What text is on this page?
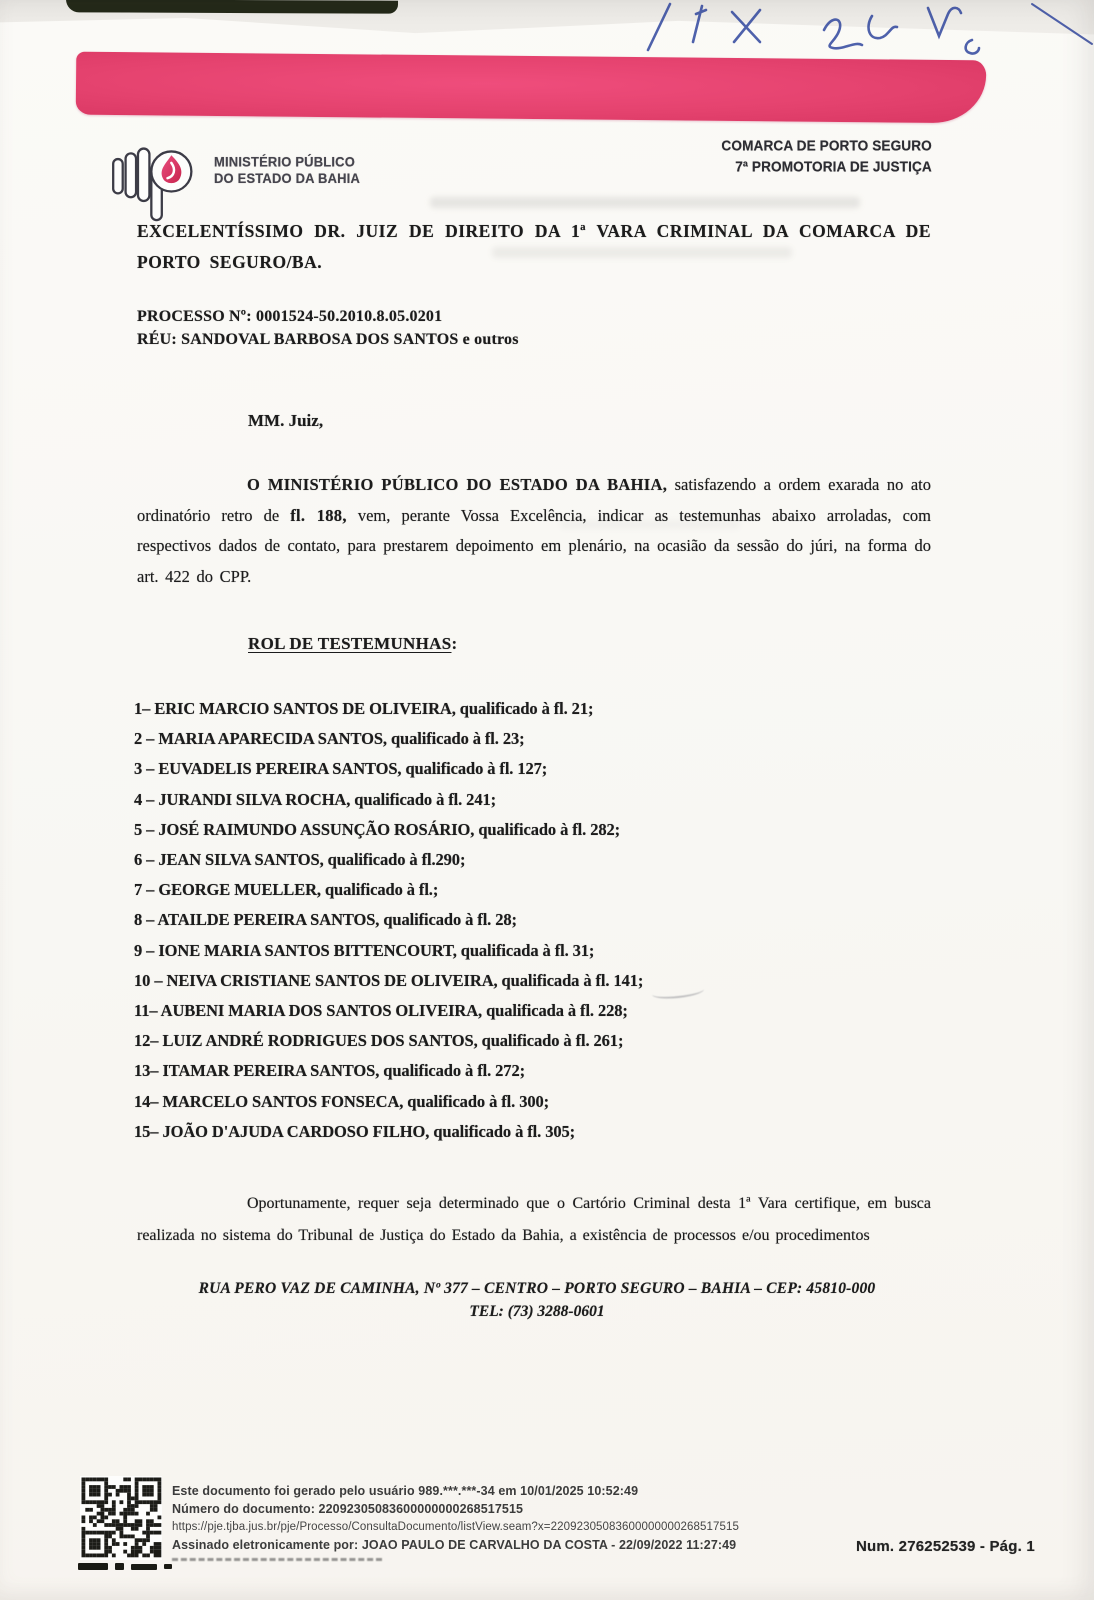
MINISTÉRIO PÚBLICO
DO ESTADO DA BAHIA
COMARCA DE PORTO SEGURO
7ª PROMOTORIA DE JUSTIÇA
EXCELENTÍSSIMO DR. JUIZ DE DIREITO DA 1ª VARA CRIMINAL DA COMARCA DE PORTO SEGURO/BA.
PROCESSO Nº: 0001524-50.2010.8.05.0201
RÉU: SANDOVAL BARBOSA DOS SANTOS e outros
MM. Juiz,

O MINISTÉRIO PÚBLICO DO ESTADO DA BAHIA, satisfazendo a ordem exarada no ato ordinatório retro de fl. 188, vem, perante Vossa Excelência, indicar as testemunhas abaixo arroladas, com respectivos dados de contato, para prestarem depoimento em plenário, na ocasião da sessão do júri, na forma do art. 422 do CPP.

ROL DE TESTEMUNHAS:
1– ERIC MARCIO SANTOS DE OLIVEIRA, qualificado à fl. 21;
2 – MARIA APARECIDA SANTOS, qualificado à fl. 23;
3 – EUVADELIS PEREIRA SANTOS, qualificado à fl. 127;
4 – JURANDI SILVA ROCHA, qualificado à fl. 241;
5 – JOSÉ RAIMUNDO ASSUNÇÃO ROSÁRIO, qualificado à fl. 282;
6 – JEAN SILVA SANTOS, qualificado à fl.290;
7 – GEORGE MUELLER, qualificado à fl.;
8 – ATAILDE PEREIRA SANTOS, qualificado à fl. 28;
9 – IONE MARIA SANTOS BITTENCOURT, qualificada à fl. 31;
10 – NEIVA CRISTIANE SANTOS DE OLIVEIRA, qualificada à fl. 141;
11– AUBENI MARIA DOS SANTOS OLIVEIRA, qualificada à fl. 228;
12– LUIZ ANDRÉ RODRIGUES DOS SANTOS, qualificado à fl. 261;
13– ITAMAR PEREIRA SANTOS, qualificado à fl. 272;
14– MARCELO SANTOS FONSECA, qualificado à fl. 300;
15– JOÃO D'AJUDA CARDOSO FILHO, qualificado à fl. 305;

Oportunamente, requer seja determinado que o Cartório Criminal desta 1ª Vara certifique, em busca realizada no sistema do Tribunal de Justiça do Estado da Bahia, a existência de processos e/ou procedimentos

RUA PERO VAZ DE CAMINHA, Nº 377 – CENTRO – PORTO SEGURO – BAHIA – CEP: 45810-000
TEL: (73) 3288-0601
Este documento foi gerado pelo usuário 989.***.***-34 em 10/01/2025 10:52:49
Número do documento: 22092305083600000000268517515
https://pje.tjba.jus.br/pje/Processo/ConsultaDocumento/listView.seam?x=22092305083600000000268517515
Assinado eletronicamente por: JOAO PAULO DE CARVALHO DA COSTA - 22/09/2022 11:27:49	Num. 276252539 - Pág. 1
